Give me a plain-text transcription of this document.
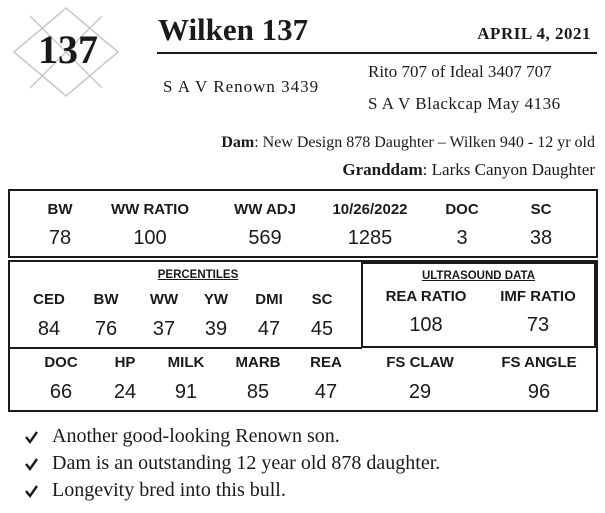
137	Wilken 137	APRIL 4, 2021
S A V Renown 3439
Rito 707 of Ideal 3407 707
S A V Blackcap May 4136
Dam: New Design 878 Daughter – Wilken 940 - 12 yr old
Granddam: Larks Canyon Daughter
BW
78
WW RATIO
100
WW ADJ
569
10/26/2022
1285
DOC
3
SC
38
PERCENTILES
CED
84
BW
76
WW
37
YW
39
DMI
47
SC
45
DOC
66
HP
24
MILK
91
MARB
85
REA
47
FS CLAW
29
FS ANGLE
96
ULTRASOUND DATA
REA RATIO
108
IMF RATIO
73
Another good-looking Renown son.
Dam is an outstanding 12 year old 878 daughter.
Longevity bred into this bull.
